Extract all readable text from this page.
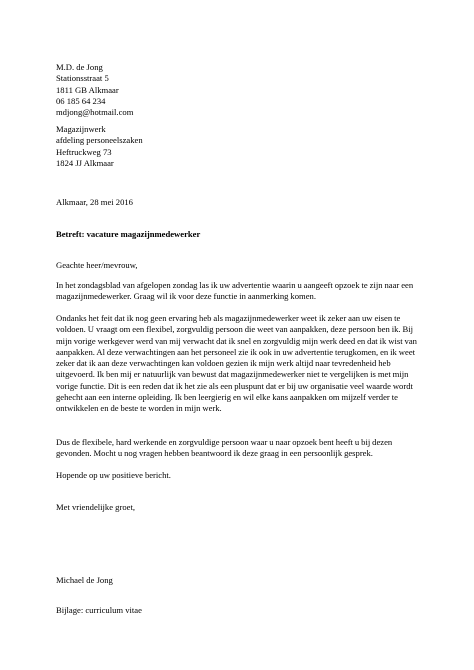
M.D. de Jong
Stationsstraat 5
1811 GB Alkmaar
06 185 64 234
mdjong@hotmail.com
Magazijnwerk
afdeling personeelszaken
Heftruckweg 73
1824 JJ Alkmaar
Alkmaar, 28 mei 2016
Betreft: vacature magazijnmedewerker
Geachte heer/mevrouw,
In het zondagsblad van afgelopen zondag las ik uw advertentie waarin u aangeeft opzoek te zijn naar een magazijnmedewerker. Graag wil ik voor deze functie in aanmerking komen.
Ondanks het feit dat ik nog geen ervaring heb als magazijnmedewerker weet ik zeker aan uw eisen te voldoen. U vraagt om een flexibel, zorgvuldig persoon die weet van aanpakken, deze persoon ben ik. Bij mijn vorige werkgever werd van mij verwacht dat ik snel en zorgvuldig mijn werk deed en dat ik wist van aanpakken. Al deze verwachtingen aan het personeel zie ik ook in uw advertentie terugkomen, en ik weet zeker dat ik aan deze verwachtingen kan voldoen gezien ik mijn werk altijd naar tevredenheid heb uitgevoerd. Ik ben mij er natuurlijk van bewust dat magazijnmedewerker niet te vergelijken is met mijn vorige functie. Dit is een reden dat ik het zie als een pluspunt dat er bij uw organisatie veel waarde wordt gehecht aan een interne opleiding. Ik ben leergierig en wil elke kans aanpakken om mijzelf verder te ontwikkelen en de beste te worden in mijn werk.
Dus de flexibele, hard werkende en zorgvuldige persoon waar u naar opzoek bent heeft u bij dezen gevonden. Mocht u nog vragen hebben beantwoord ik deze graag in een persoonlijk gesprek.
Hopende op uw positieve bericht.
Met vriendelijke groet,
Michael de Jong
Bijlage: curriculum vitae
